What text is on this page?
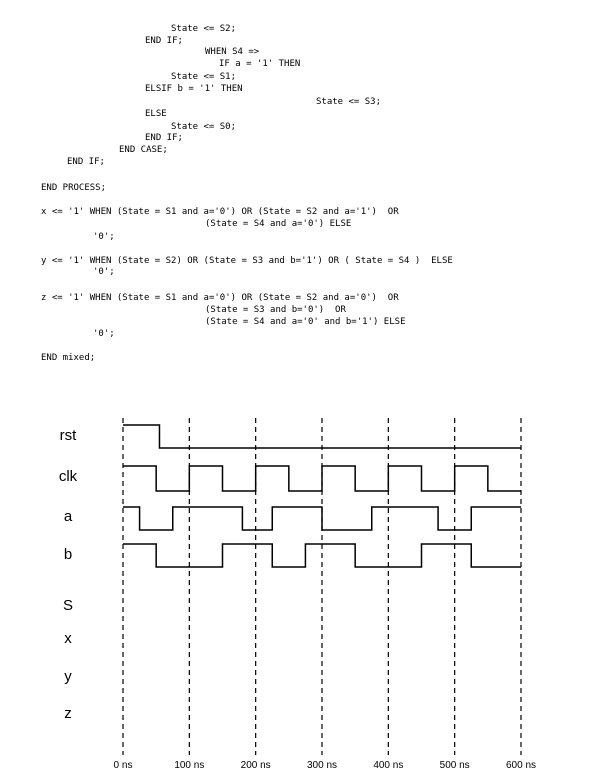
Statе <= S2;
END IF;
WHEN S4 =>
IF a = '1' THEN
State <= S1;
ELSIF b = '1' THEN
State <= S3;
ELSE
State <= S0;
END IF;
END CASE;
END IF;
END PROCESS;
x <= '1' WHEN (State = S1 and a='0') OR (State = S2 and a='1')  OR
(State = S4 and a='0') ELSE
'0';
y <= '1' WHEN (State = S2) OR (State = S3 and b='1') OR ( State = S4 )  ELSE
'0';
z <= '1' WHEN (State = S1 and a='0') OR (State = S2 and a='0')  OR
(State = S3 and b='0')  OR
(State = S4 and a='0' and b='1') ELSE
'0';
END mixed;
rst
clk
a
b
S
x
y
z
0 ns	100 ns	200 ns	300 ns	400 ns	500 ns	600 ns
